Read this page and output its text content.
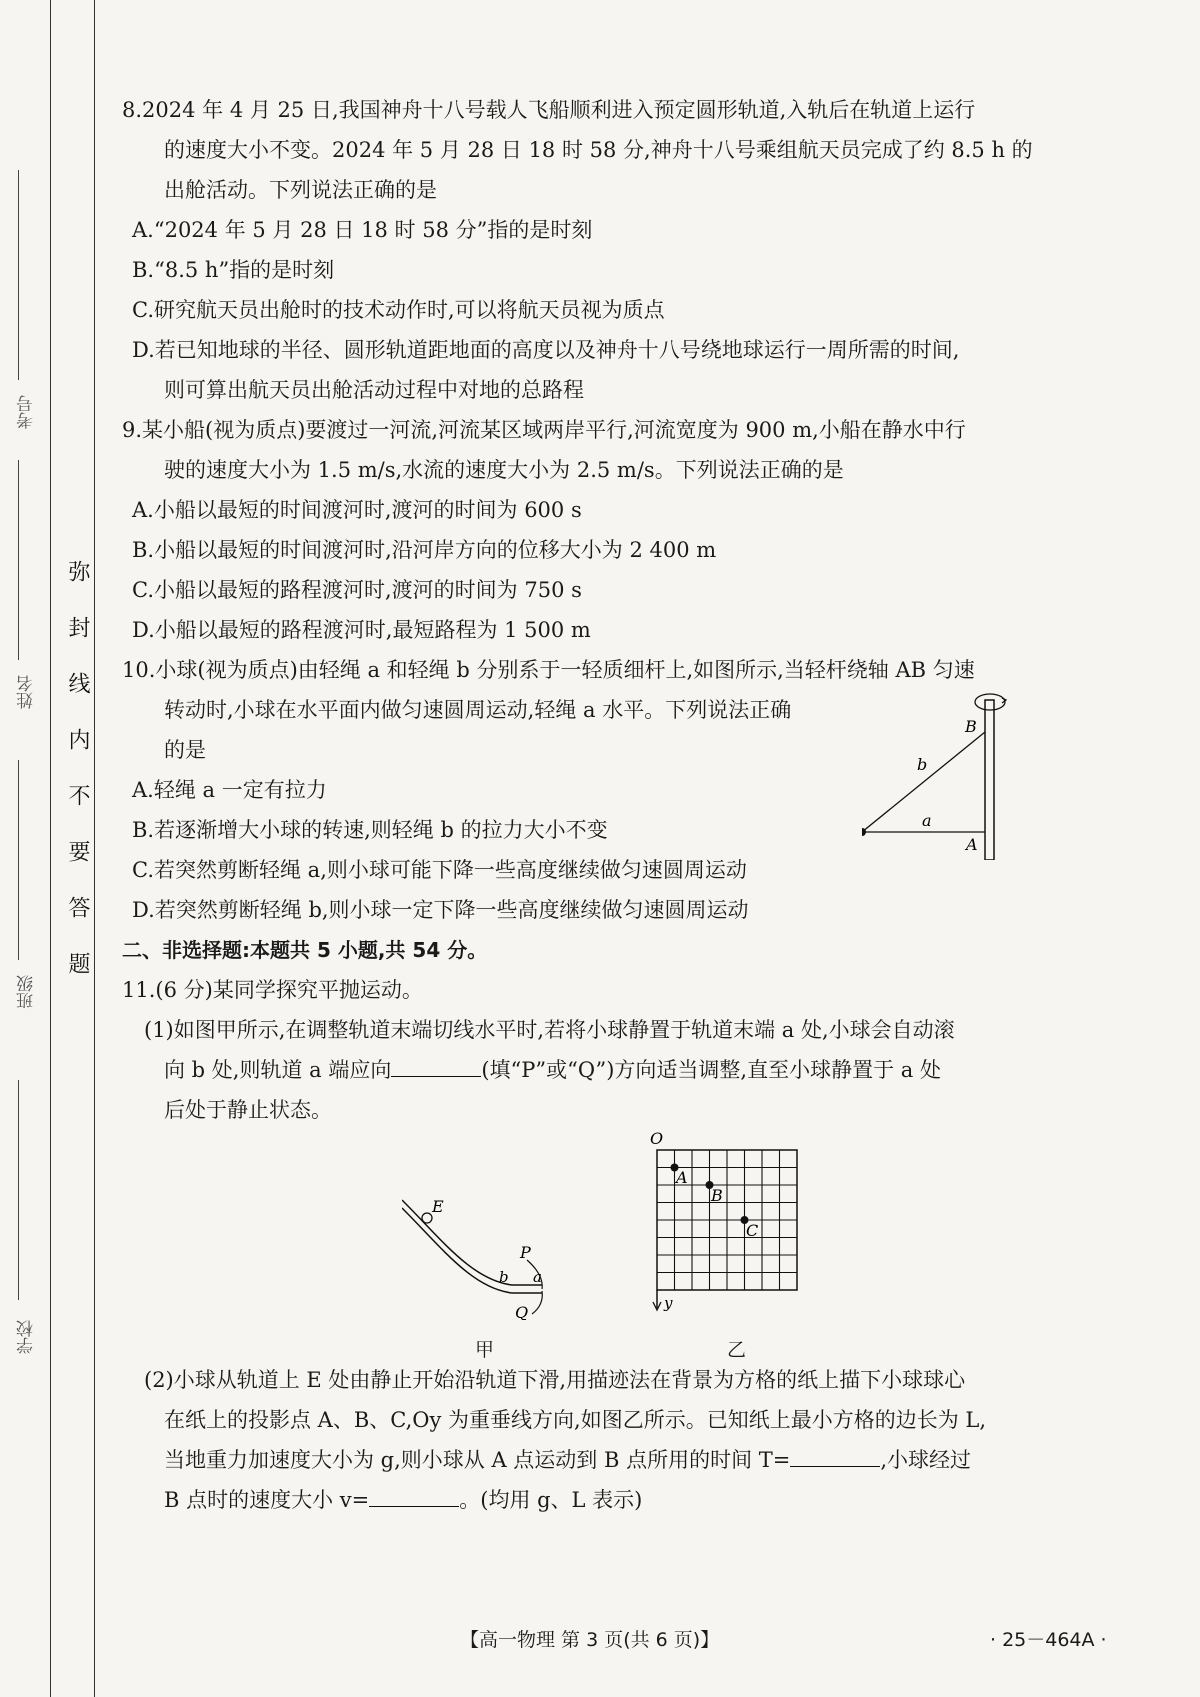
考号
姓名
班级
学校
弥封线内不要答题

8.2024 年 4 月 25 日,我国神舟十八号载人飞船顺利进入预定圆形轨道,入轨后在轨道上运行

的速度大小不变。2024 年 5 月 28 日 18 时 58 分,神舟十八号乘组航天员完成了约 8.5 h 的

出舱活动。下列说法正确的是

A.“2024 年 5 月 28 日 18 时 58 分”指的是时刻

B.“8.5 h”指的是时刻

C.研究航天员出舱时的技术动作时,可以将航天员视为质点

D.若已知地球的半径、圆形轨道距地面的高度以及神舟十八号绕地球运行一周所需的时间,

则可算出航天员出舱活动过程中对地的总路程

9.某小船(视为质点)要渡过一河流,河流某区域两岸平行,河流宽度为 900 m,小船在静水中行

驶的速度大小为 1.5 m/s,水流的速度大小为 2.5 m/s。下列说法正确的是

A.小船以最短的时间渡河时,渡河的时间为 600 s

B.小船以最短的时间渡河时,沿河岸方向的位移大小为 2 400 m

C.小船以最短的路程渡河时,渡河的时间为 750 s

D.小船以最短的路程渡河时,最短路程为 1 500 m

10.小球(视为质点)由轻绳 a 和轻绳 b 分别系于一轻质细杆上,如图所示,当轻杆绕轴 AB 匀速

转动时,小球在水平面内做匀速圆周运动,轻绳 a 水平。下列说法正确

的是

A.轻绳 a 一定有拉力

B.若逐渐增大小球的转速,则轻绳 b 的拉力大小不变

C.若突然剪断轻绳 a,则小球可能下降一些高度继续做匀速圆周运动

D.若突然剪断轻绳 b,则小球一定下降一些高度继续做匀速圆周运动

B
A
b
a

二、非选择题:本题共 5 小题,共 54 分。

11.(6 分)某同学探究平抛运动。

(1)如图甲所示,在调整轨道末端切线水平时,若将小球静置于轨道末端 a 处,小球会自动滚

向 b 处,则轨道 a 端应向	(填“P”或“Q”)方向适当调整,直至小球静置于 a 处

后处于静止状态。

E
P
Q
a
b
甲
O
y
A
B
C
乙

(2)小球从轨道上 E 处由静止开始沿轨道下滑,用描迹法在背景为方格的纸上描下小球球心

在纸上的投影点 A、B、C,Oy 为重垂线方向,如图乙所示。已知纸上最小方格的边长为 L,

当地重力加速度大小为 g,则小球从 A 点运动到 B 点所用的时间 T=	,小球经过

B 点时的速度大小 v=	。(均用 g、L 表示)

【高一物理 第 3 页(共 6 页)】	· 25－464A ·
